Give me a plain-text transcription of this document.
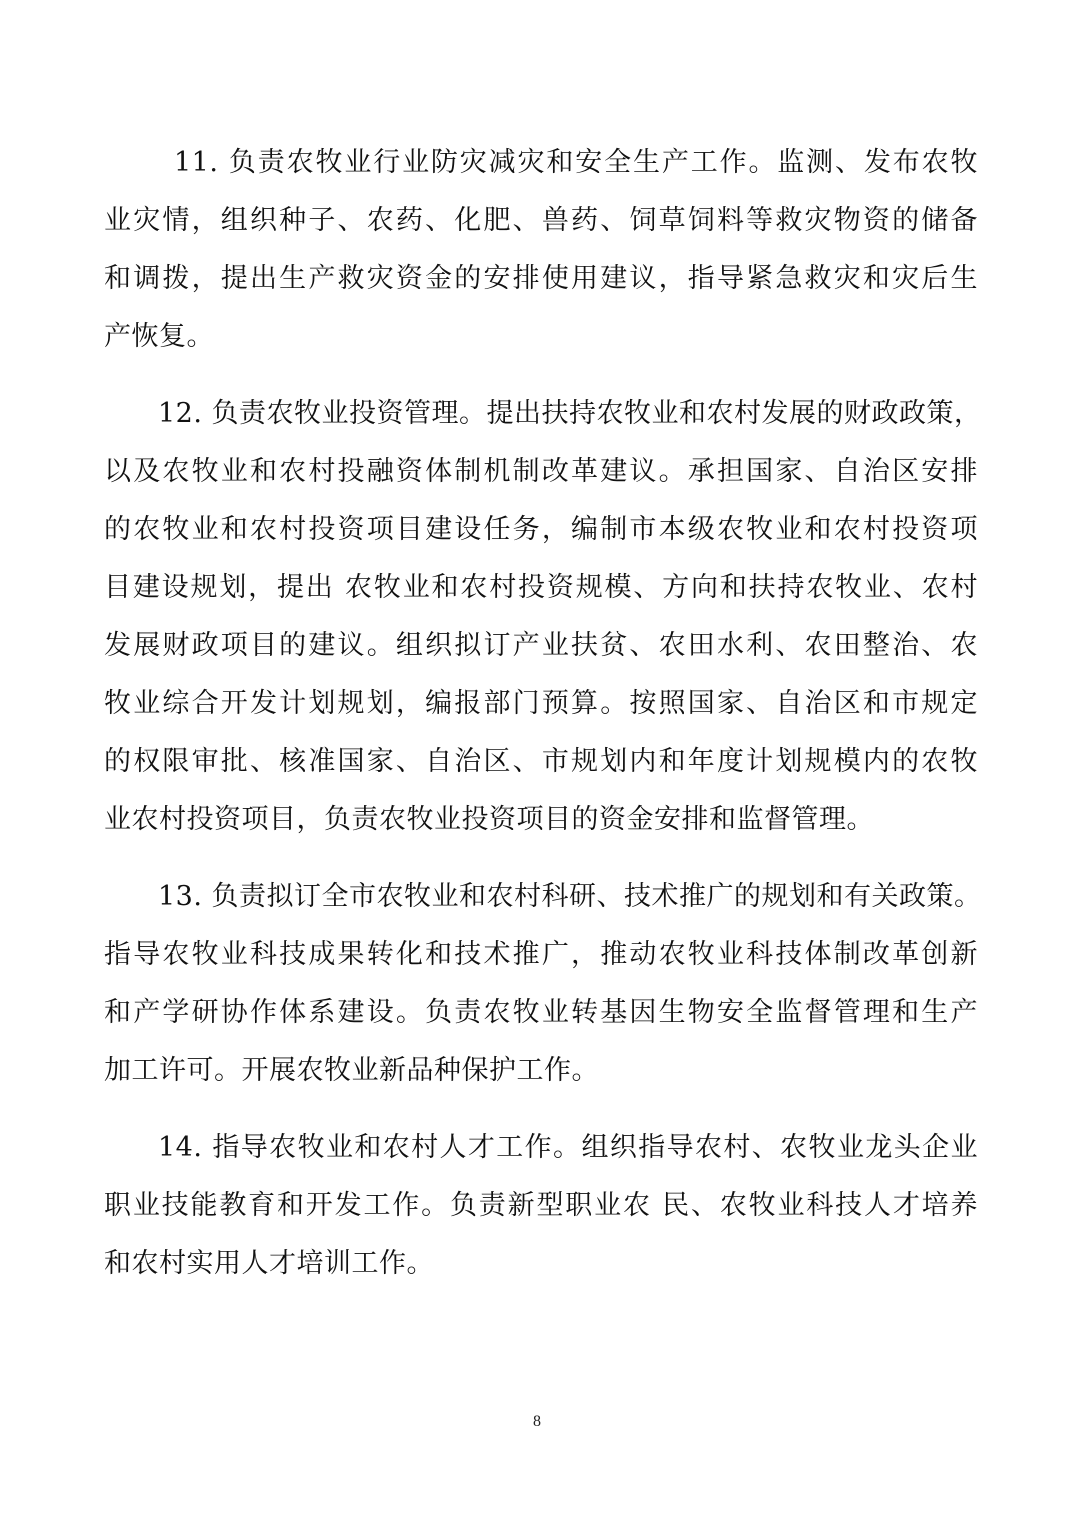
11. 负责农牧业行业防灾减灾和安全生产工作。监测、发布农牧
业灾情，组织种子、农药、化肥、兽药、饲草饲料等救灾物资的储备
和调拨，提出生产救灾资金的安排使用建议，指导紧急救灾和灾后生
产恢复。
12. 负责农牧业投资管理。提出扶持农牧业和农村发展的财政政策，
以及农牧业和农村投融资体制机制改革建议。承担国家、自治区安排
的农牧业和农村投资项目建设任务，编制市本级农牧业和农村投资项
目建设规划，提出 农牧业和农村投资规模、方向和扶持农牧业、农村
发展财政项目的建议。组织拟订产业扶贫、农田水利、农田整治、农
牧业综合开发计划规划，编报部门预算。按照国家、自治区和市规定
的权限审批、核准国家、自治区、市规划内和年度计划规模内的农牧
业农村投资项目，负责农牧业投资项目的资金安排和监督管理。
13. 负责拟订全市农牧业和农村科研、技术推广的规划和有关政策。
指导农牧业科技成果转化和技术推广，推动农牧业科技体制改革创新
和产学研协作体系建设。负责农牧业转基因生物安全监督管理和生产
加工许可。开展农牧业新品种保护工作。
14. 指导农牧业和农村人才工作。组织指导农村、农牧业龙头企业
职业技能教育和开发工作。负责新型职业农 民、农牧业科技人才培养
和农村实用人才培训工作。
8
